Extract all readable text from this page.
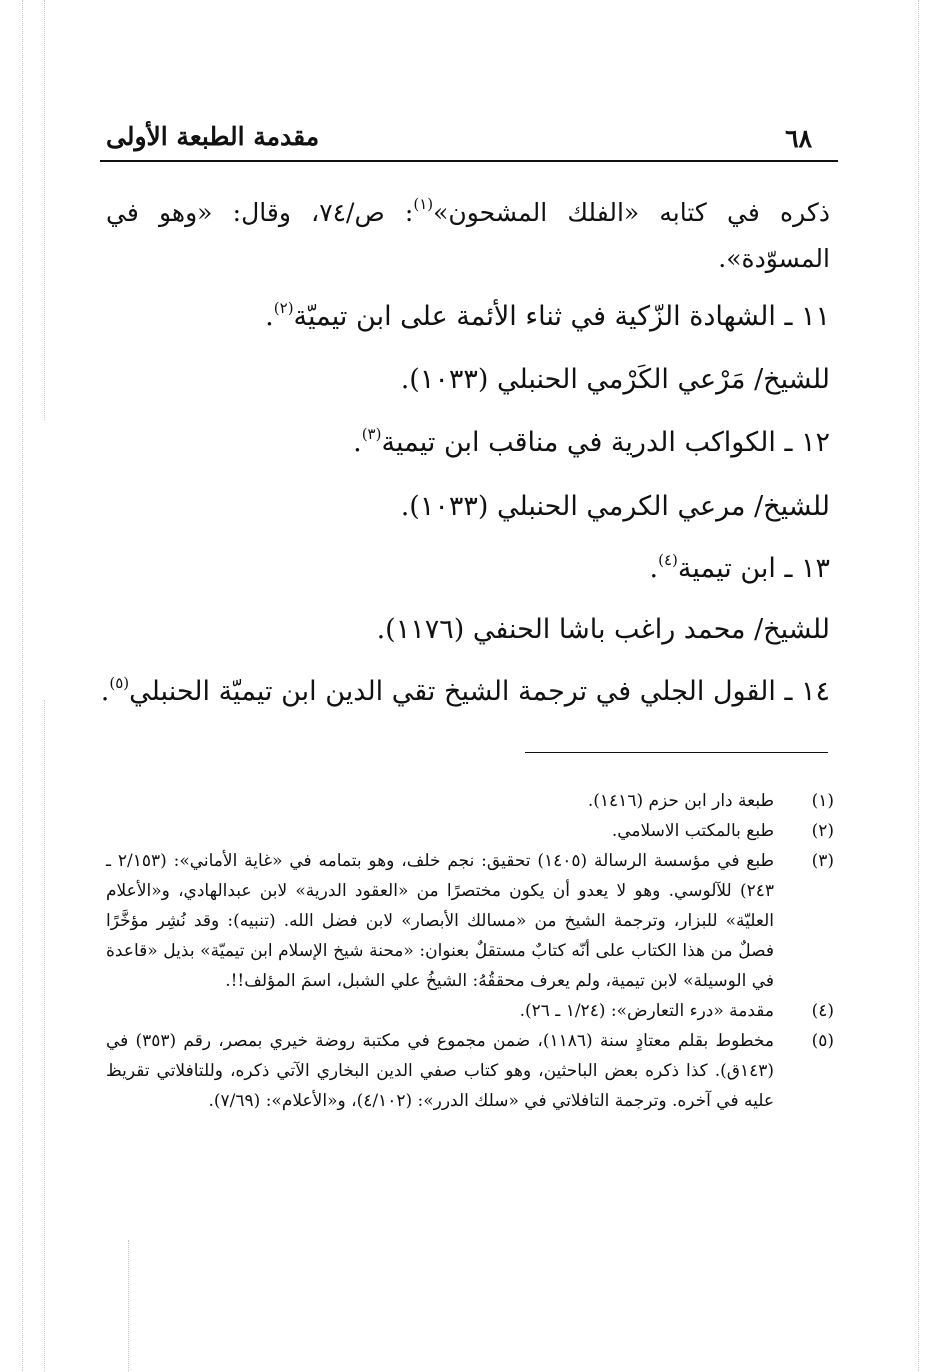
٦٨
مقدمة الطبعة الأولى
ذكره في كتابه «الفلك المشحون»$^{(١)}$: ص/٧٤، وقال: «وهو في المسوّدة».
١١ ـ الشهادة الزّكية في ثناء الأئمة على ابن تيميّة$^{(٢)}$.
للشيخ/ مَرْعي الكَرْمي الحنبلي (١٠٣٣).
١٢ ـ الكواكب الدرية في مناقب ابن تيمية$^{(٣)}$.
للشيخ/ مرعي الكرمي الحنبلي (١٠٣٣).
١٣ ـ ابن تيمية$^{(٤)}$.
للشيخ/ محمد راغب باشا الحنفي (١١٧٦).
١٤ ـ القول الجلي في ترجمة الشيخ تقي الدين ابن تيميّة الحنبلي$^{(٥)}$.
(١)
طبعة دار ابن حزم (١٤١٦).
(٢)
طبع بالمكتب الاسلامي.
(٣)
طبع في مؤسسة الرسالة (١٤٠٥) تحقيق: نجم خلف، وهو بتمامه في «غاية الأماني»: (٢/١٥٣ ـ ٢٤٣) للآلوسي. وهو لا يعدو أن يكون مختصرًا من «العقود الدرية» لابن عبدالهادي، و«الأعلام العليّة» للبزار، وترجمة الشيخ من «مسالك الأبصار» لابن فضل الله. (تنبيه): وقد نُشِر مؤخَّرًا فصلٌ من هذا الكتاب على أنّه كتابٌ مستقلٌ بعنوان: «محنة شيخ الإسلام ابن تيميّة» بذيل «قاعدة في الوسيلة» لابن تيمية، ولم يعرف محققُهُ: الشيخُ علي الشبل، اسمَ المؤلف!!.
(٤)
مقدمة «درء التعارض»: (١/٢٤ ـ ٢٦).
(٥)
مخطوط بقلم معتادٍ سنة (١١٨٦)، ضمن مجموع في مكتبة روضة خيري بمصر، رقم (٣٥٣) في (١٤٣ق). كذا ذكره بعض الباحثين، وهو كتاب صفي الدين البخاري الآتي ذكره، وللتافلاتي تقريظ عليه في آخره. وترجمة التافلاتي في «سلك الدرر»: (٤/١٠٢)، و«الأعلام»: (٧/٦٩).
